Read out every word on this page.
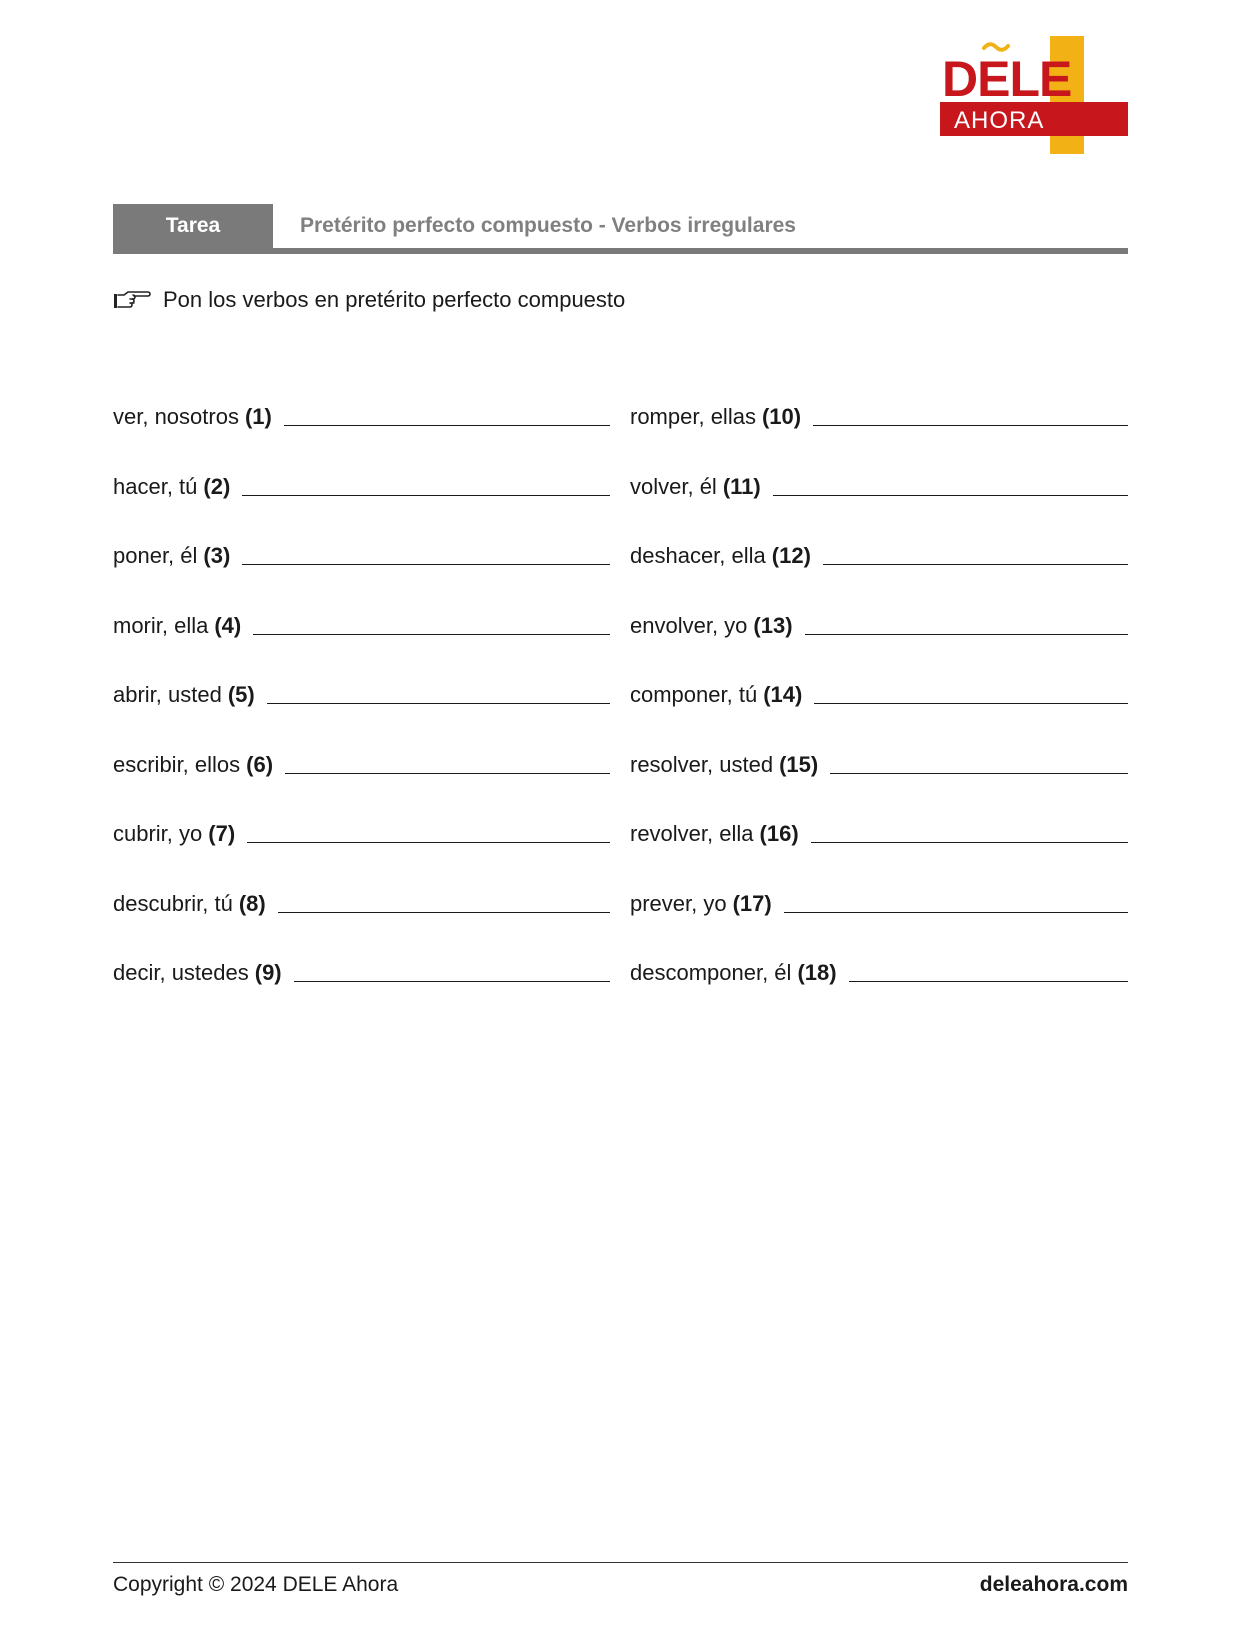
DELE
AHORA
Tarea	Pretérito perfecto compuesto - Verbos irregulares
Pon los verbos en pretérito perfecto compuesto
ver, nosotros (1)	romper, ellas (10)
hacer, tú (2)	volver, él (11)
poner, él (3)	deshacer, ella (12)
morir, ella (4)	envolver, yo (13)
abrir, usted (5)	componer, tú (14)
escribir, ellos (6)	resolver, usted (15)
cubrir, yo (7)	revolver, ella (16)
descubrir, tú (8)	prever, yo (17)
decir, ustedes (9)	descomponer, él (18)
Copyright © 2024 DELE Ahora	deleahora.com
